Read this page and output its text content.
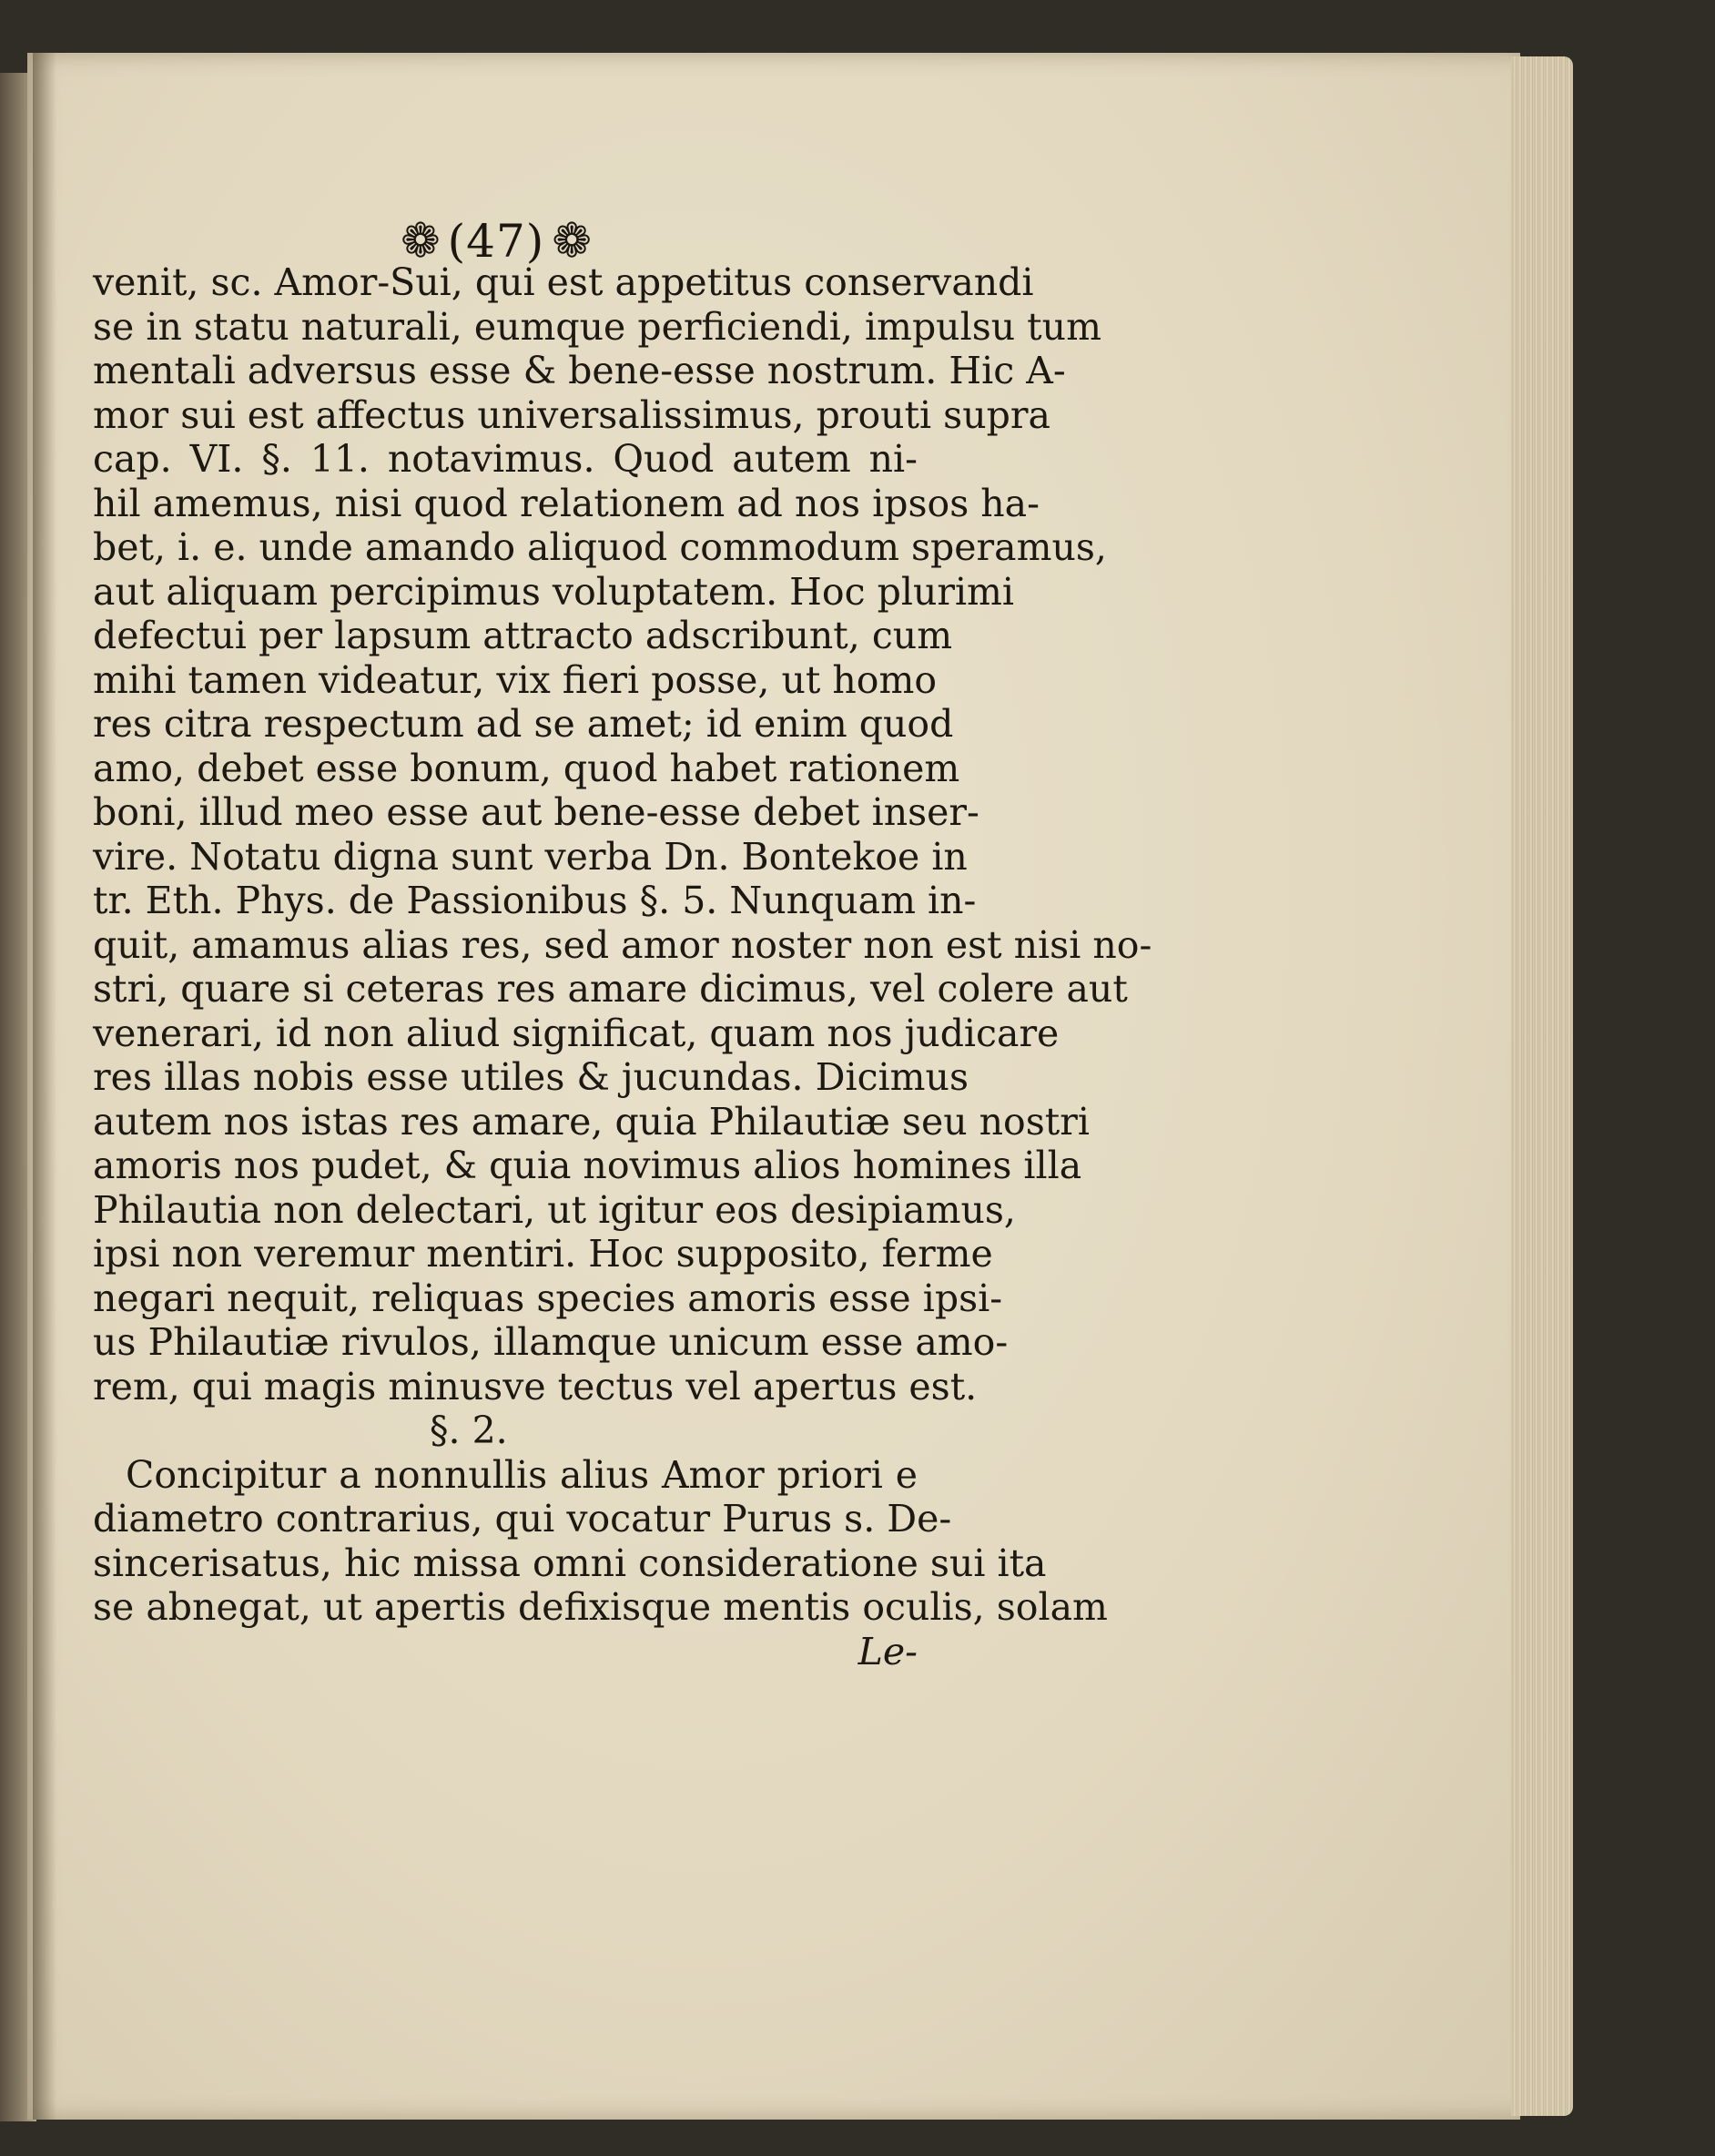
❁ (47) ❁
venit, sc. Amor-Sui, qui est appetitus conservandi
se in statu naturali, eumque perficiendi, impulsu tum
mentali adversus esse & bene-esse nostrum. Hic A-
mor sui est affectus universalissimus, prouti supra
cap. VI. §. 11. notavimus. Quod autem ni-
hil amemus, nisi quod relationem ad nos ipsos ha-
bet, i. e. unde amando aliquod commodum speramus,
aut aliquam percipimus voluptatem. Hoc plurimi
defectui per lapsum attracto adscribunt, cum
mihi tamen videatur, vix fieri posse, ut homo
res citra respectum ad se amet; id enim quod
amo, debet esse bonum, quod habet rationem
boni, illud meo esse aut bene-esse debet inser-
vire. Notatu digna sunt verba Dn. Bontekoe in
tr. Eth. Phys. de Passionibus §. 5. Nunquam in-
quit, amamus alias res, sed amor noster non est nisi no-
stri, quare si ceteras res amare dicimus, vel colere aut
venerari, id non aliud significat, quam nos judicare
res illas nobis esse utiles & jucundas. Dicimus
autem nos istas res amare, quia Philautiæ seu nostri
amoris nos pudet, & quia novimus alios homines illa
Philautia non delectari, ut igitur eos desipiamus,
ipsi non veremur mentiri. Hoc supposito, ferme
negari nequit, reliquas species amoris esse ipsi-
us Philautiæ rivulos, illamque unicum esse amo-
rem, qui magis minusve tectus vel apertus est.
§. 2.
Concipitur a nonnullis alius Amor priori e
diametro contrarius, qui vocatur Purus s. De-
sincerisatus, hic missa omni consideratione sui ita
se abnegat, ut apertis defixisque mentis oculis, solam
Le-
